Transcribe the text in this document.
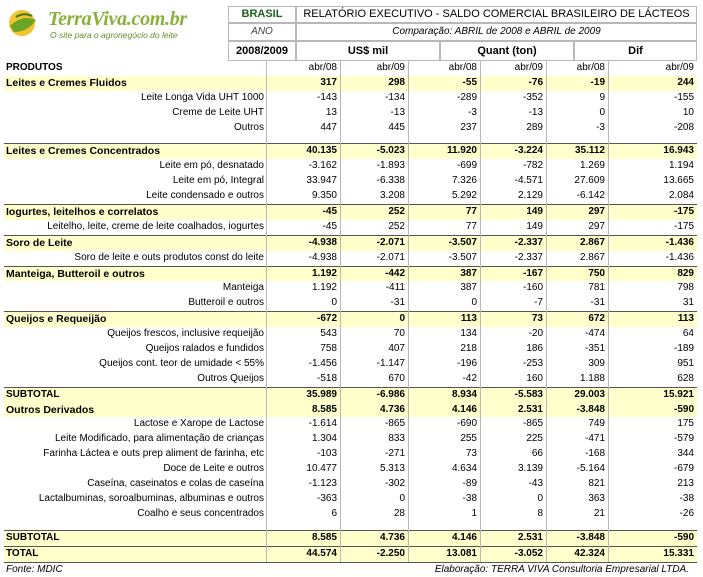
TerraViva.com.br
O site para o agronegócio do leite
BRASIL
ANO
2008/2009
RELATÓRIO EXECUTIVO - SALDO COMERCIAL BRASILEIRO DE LÁCTEOS
Comparação: ABRIL de 2008 e ABRIL de 2009
US$ mil	Quant (ton)	Dif
PRODUTOS	abr/08	abr/09	abr/08	abr/09	abr/08	abr/09
Leites e Cremes Fluidos	317	298	-55	-76	-19	244
Leite Longa Vida UHT 1000	-143	-134	-289	-352	9	-155
Creme de Leite UHT	13	-13	-3	-13	0	10
Outros	447	445	237	289	-3	-208
Leites e Cremes Concentrados	40.135	-5.023	11.920	-3.224	35.112	16.943
Leite em pó, desnatado	-3.162	-1.893	-699	-782	1.269	1.194
Leite em pó, Integral	33.947	-6.338	7.326	-4.571	27.609	13.665
Leite condensado e outros	9.350	3.208	5.292	2.129	-6.142	2.084
Iogurtes, leitelhos e correlatos	-45	252	77	149	297	-175
Leitelho, leite, creme de leite coalhados, iogurtes	-45	252	77	149	297	-175
Soro de Leite	-4.938	-2.071	-3.507	-2.337	2.867	-1.436
Soro de leite e outs produtos const do leite	-4.938	-2.071	-3.507	-2.337	2.867	-1.436
Manteiga, Butteroil e outros	1.192	-442	387	-167	750	829
Manteiga	1.192	-411	387	-160	781	798
Butteroil e outros	0	-31	0	-7	-31	31
Queijos e Requeijão	-672	0	113	73	672	113
Queijos frescos, inclusive requeijão	543	70	134	-20	-474	64
Queijos ralados e fundidos	758	407	218	186	-351	-189
Queijos cont. teor de umidade < 55%	-1.456	-1.147	-196	-253	309	951
Outros Queijos	-518	670	-42	160	1.188	628
SUBTOTAL	35.989	-6.986	8.934	-5.583	29.003	15.921
Outros Derivados	8.585	4.736	4.146	2.531	-3.848	-590
Lactose e Xarope de Lactose	-1.614	-865	-690	-865	749	175
Leite Modificado, para alimentação de crianças	1.304	833	255	225	-471	-579
Farinha Láctea e outs prep aliment de farinha, etc	-103	-271	73	66	-168	344
Doce de Leite e outros	10.477	5.313	4.634	3.139	-5.164	-679
Caseína, caseinatos e colas de caseína	-1.123	-302	-89	-43	821	213
Lactalbuminas, soroalbuminas, albuminas e outros	-363	0	-38	0	363	-38
Coalho e seus concentrados	6	28	1	8	21	-26
SUBTOTAL	8.585	4.736	4.146	2.531	-3.848	-590
TOTAL	44.574	-2.250	13.081	-3.052	42.324	15.331
Fonte: MDIC	Elaboração: TERRA VIVA Consultoria Empresarial LTDA.
